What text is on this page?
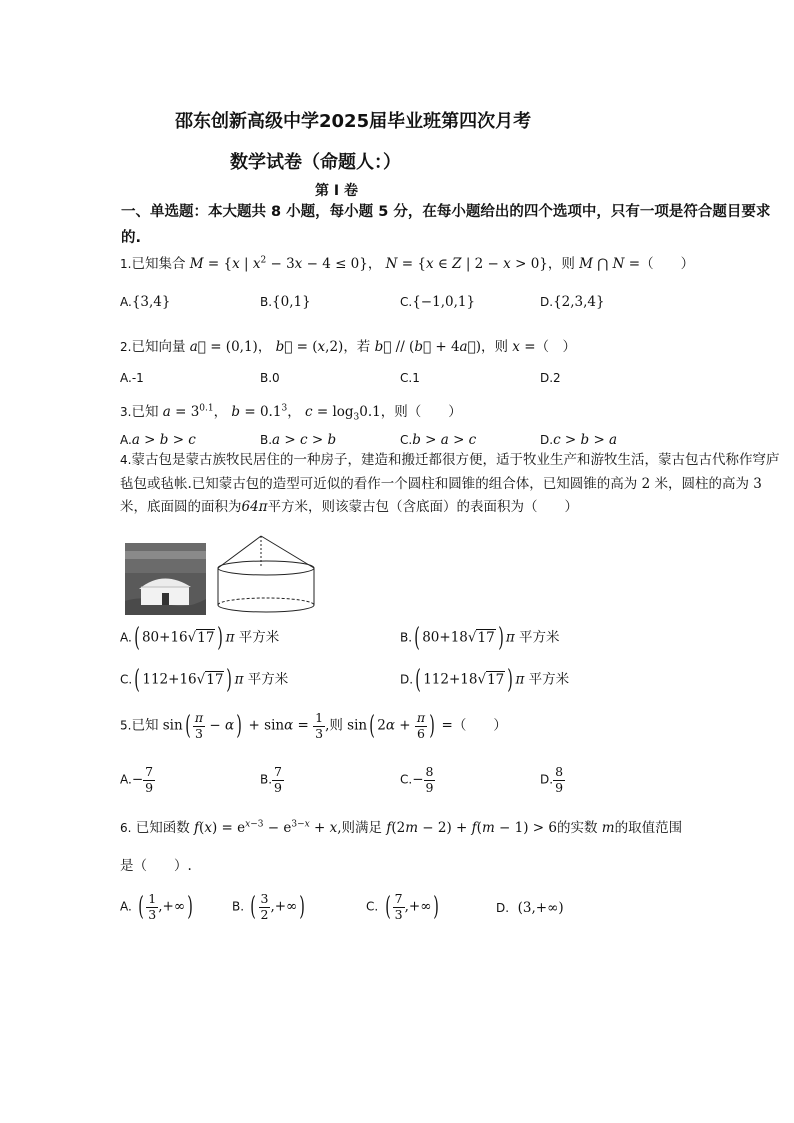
邵东创新高级中学2025届毕业班第四次月考
数学试卷（命题人：）
第 I 卷
一、单选题：本大题共 8 小题，每小题 5 分，在每小题给出的四个选项中，只有一项是符合题目要求的.
1.已知集合 M = {x | $x^2 - 3x - 4 \le 0$}， N = {x ∈ Z | 2 − x > 0}，则 M ⋂ N =（　　）
A.{3,4}	B.{0,1}	C.{−1,0,1}	D.{2,3,4}
2.已知向量 a⃗ = (0,1)， b⃗ = (x,2)，若 b⃗ // (b⃗ + 4a⃗)，则 x =（　）
A.-1	B.0	C.1	D.2
3.已知 $a = 3^{0.1}$， $b = 0.1^3$， $c = \log_30.1$，则（　　）
A.a > b > c	B.a > c > b	C.b > a > c	D.c > b > a
4.蒙古包是蒙古族牧民居住的一种房子，建造和搬迁都很方便，适于牧业生产和游牧生活，蒙古包古代称作穹庐毡包或毡帐.已知蒙古包的造型可近似的看作一个圆柱和圆锥的组合体，已知圆锥的高为 2 米，圆柱的高为 3 米，底面圆的面积为64π平方米，则该蒙古包（含底面）的表面积为（　　）
A.( 80+16√17 ) π 平方米	B.( 80+18√17 ) π 平方米
C.( 112+16√17 ) π 平方米	D.( 112+18√17 ) π 平方米
5.已知 $\sin( \frac{\pi}{3} - \alpha) + \sin\alpha = \frac{1}{3}$ ,则 sin( $2\alpha + \frac{\pi}{6}$ ) =（　　）
$A.- \frac{7}{9}$	B. $\frac{7}{9}$	$C.- \frac{8}{9}$	D. $\frac{8}{9}$
6. 已知函数 $f(x) = e^{x-3} - e^{3-x} + x$,则满足 f(2m − 2) + f(m − 1) > 6的实数 m的取值范围
是（　　）.
A. ( $\frac{1}{3}$ ,+∞)	B. ( $\frac{3}{2}$ ,+∞)	C. ( $\frac{7}{3}$ ,+∞)	D.  (3,+∞)
